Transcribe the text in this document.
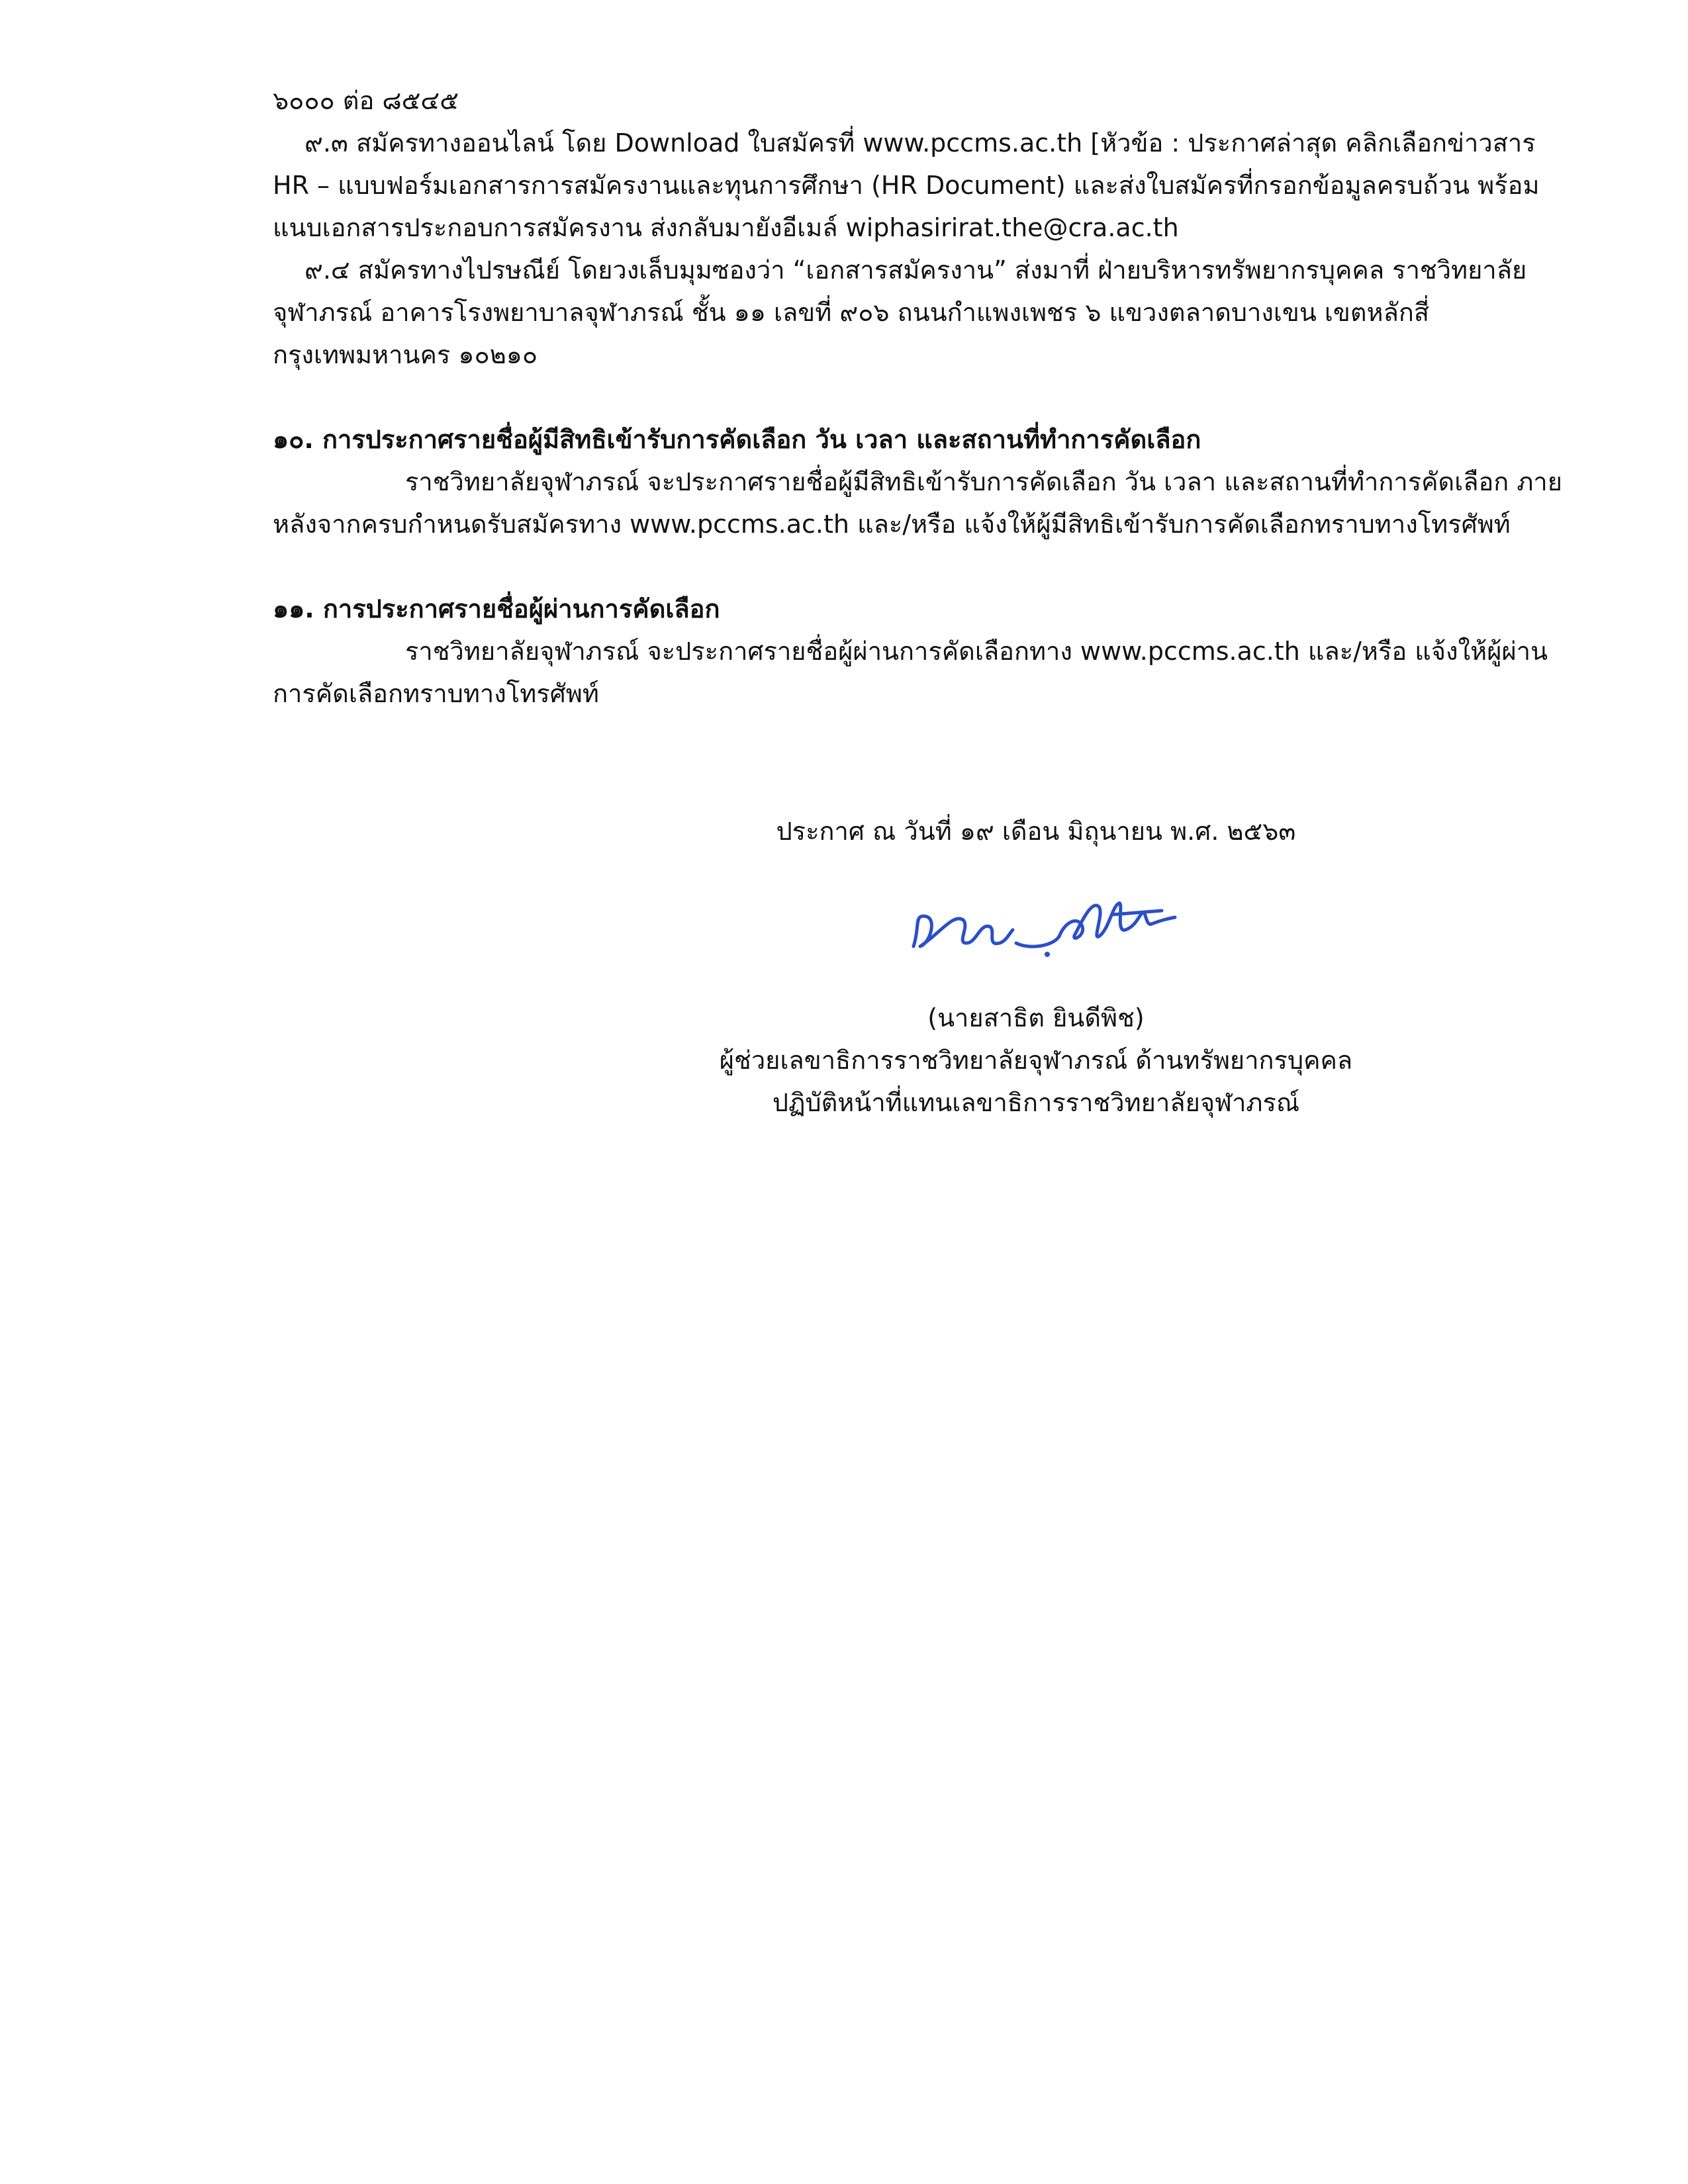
๖๐๐๐ ต่อ ๘๕๔๕
๙.๓ สมัครทางออนไลน์ โดย Download ใบสมัครที่ www.pccms.ac.th [หัวข้อ : ประกาศล่าสุด คลิกเลือกข่าวสาร
HR – แบบฟอร์มเอกสารการสมัครงานและทุนการศึกษา (HR Document) และส่งใบสมัครที่กรอกข้อมูลครบถ้วน พร้อม
แนบเอกสารประกอบการสมัครงาน ส่งกลับมายังอีเมล์ wiphasirirat.the@cra.ac.th
๙.๔ สมัครทางไปรษณีย์ โดยวงเล็บมุมซองว่า “เอกสารสมัครงาน” ส่งมาที่ ฝ่ายบริหารทรัพยากรบุคคล ราชวิทยาลัย
จุฬาภรณ์ อาคารโรงพยาบาลจุฬาภรณ์ ชั้น ๑๑ เลขที่ ๙๐๖ ถนนกำแพงเพชร ๖ แขวงตลาดบางเขน เขตหลักสี่
กรุงเทพมหานคร ๑๐๒๑๐
๑๐. การประกาศรายชื่อผู้มีสิทธิเข้ารับการคัดเลือก วัน เวลา และสถานที่ทำการคัดเลือก
ราชวิทยาลัยจุฬาภรณ์ จะประกาศรายชื่อผู้มีสิทธิเข้ารับการคัดเลือก วัน เวลา และสถานที่ทำการคัดเลือก ภาย
หลังจากครบกำหนดรับสมัครทาง www.pccms.ac.th และ/หรือ แจ้งให้ผู้มีสิทธิเข้ารับการคัดเลือกทราบทางโทรศัพท์
๑๑. การประกาศรายชื่อผู้ผ่านการคัดเลือก
ราชวิทยาลัยจุฬาภรณ์ จะประกาศรายชื่อผู้ผ่านการคัดเลือกทาง www.pccms.ac.th และ/หรือ แจ้งให้ผู้ผ่าน
การคัดเลือกทราบทางโทรศัพท์
ประกาศ ณ วันที่ ๑๙ เดือน มิถุนายน พ.ศ. ๒๕๖๓
(นายสาธิต ยินดีพิช)
ผู้ช่วยเลขาธิการราชวิทยาลัยจุฬาภรณ์ ด้านทรัพยากรบุคคล
ปฏิบัติหน้าที่แทนเลขาธิการราชวิทยาลัยจุฬาภรณ์
